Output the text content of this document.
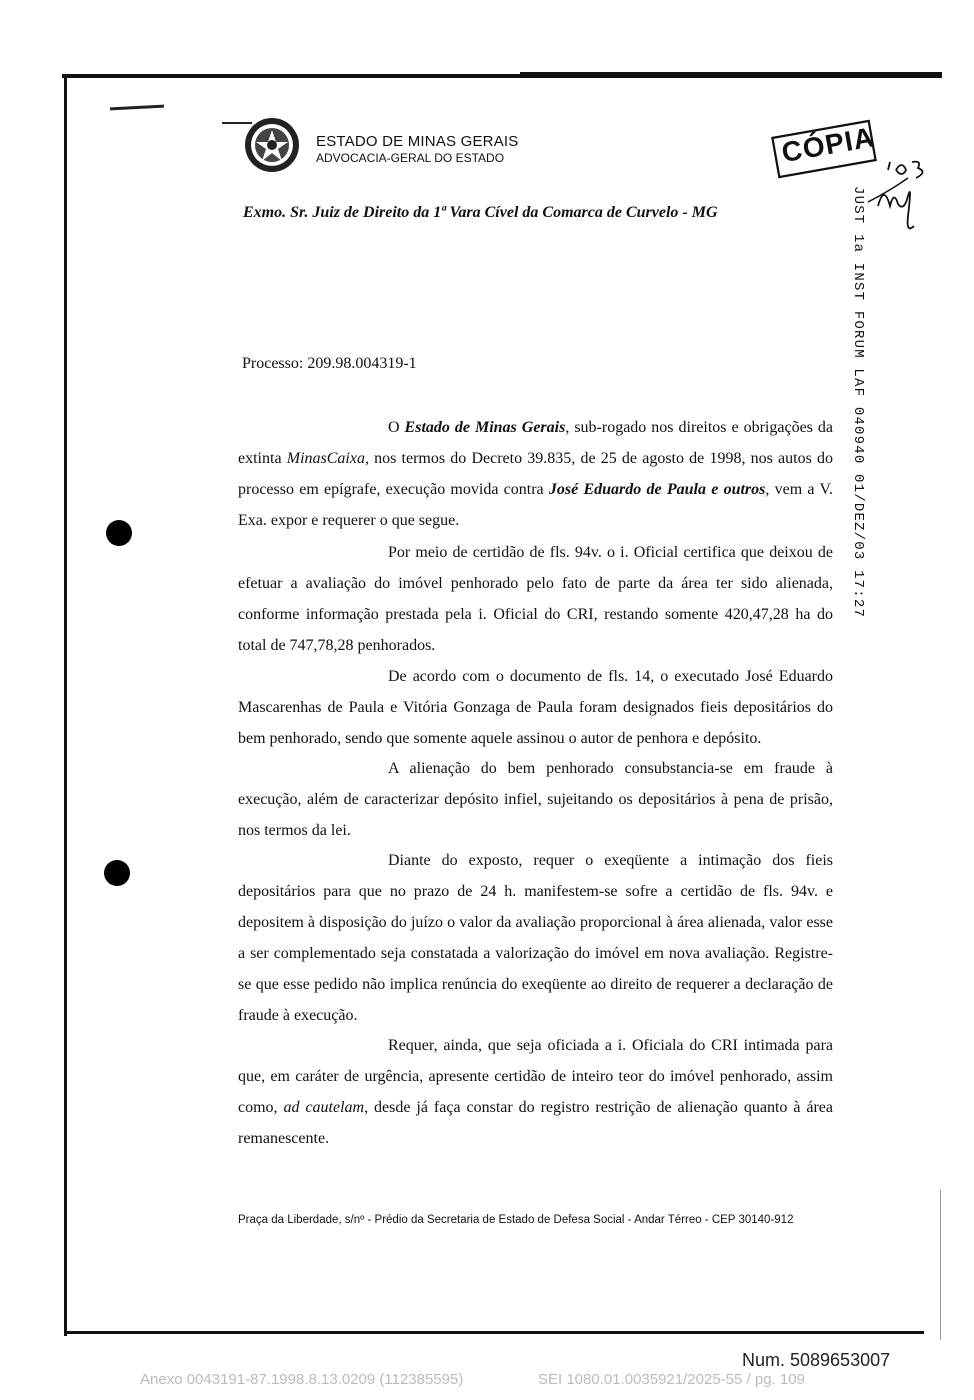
ESTADO DE MINAS GERAIS
ADVOCACIA-GERAL DO ESTADO	CÓPIA
JUST 1a INST FORUM LAF 040940 01/DEZ/03 17:27
Exmo. Sr. Juiz de Direito da 1ª Vara Cível da Comarca de Curvelo - MG
Processo: 209.98.004319-1
O Estado de Minas Gerais, sub-rogado nos direitos e obrigações da extinta MinasCaixa, nos termos do Decreto 39.835, de 25 de agosto de 1998, nos autos do processo em epígrafe, execução movida contra José Eduardo de Paula e outros, vem a V. Exa. expor e requerer o que segue.
Por meio de certidão de fls. 94v. o i. Oficial certifica que deixou de efetuar a avaliação do imóvel penhorado pelo fato de parte da área ter sido alienada, conforme informação prestada pela i. Oficial do CRI, restando somente 420,47,28 ha do total de 747,78,28 penhorados.
De acordo com o documento de fls. 14, o executado José Eduardo Mascarenhas de Paula e Vitória Gonzaga de Paula foram designados fieis depositários do bem penhorado, sendo que somente aquele assinou o autor de penhora e depósito.
A alienação do bem penhorado consubstancia-se em fraude à execução, além de caracterizar depósito infiel, sujeitando os depositários à pena de prisão, nos termos da lei.
Diante do exposto, requer o exeqüente a intimação dos fieis depositários para que no prazo de 24 h. manifestem-se sofre a certidão de fls. 94v. e depositem à disposição do juízo o valor da avaliação proporcional à área alienada, valor esse a ser complementado seja constatada a valorização do imóvel em nova avaliação. Registre-se que esse pedido não implica renúncia do exeqüente ao direito de requerer a declaração de fraude à execução.
Requer, ainda, que seja oficiada a i. Oficiala do CRI intimada para que, em caráter de urgência, apresente certidão de inteiro teor do imóvel penhorado, assim como, ad cautelam, desde já faça constar do registro restrição de alienação quanto à área remanescente.
Praça da Liberdade, s/nº - Prédio da Secretaria de Estado de Defesa Social - Andar Térreo - CEP 30140-912
Num. 5089653007
Anexo 0043191-87.1998.8.13.0209 (112385595)	SEI 1080.01.0035921/2025-55 / pg. 109
